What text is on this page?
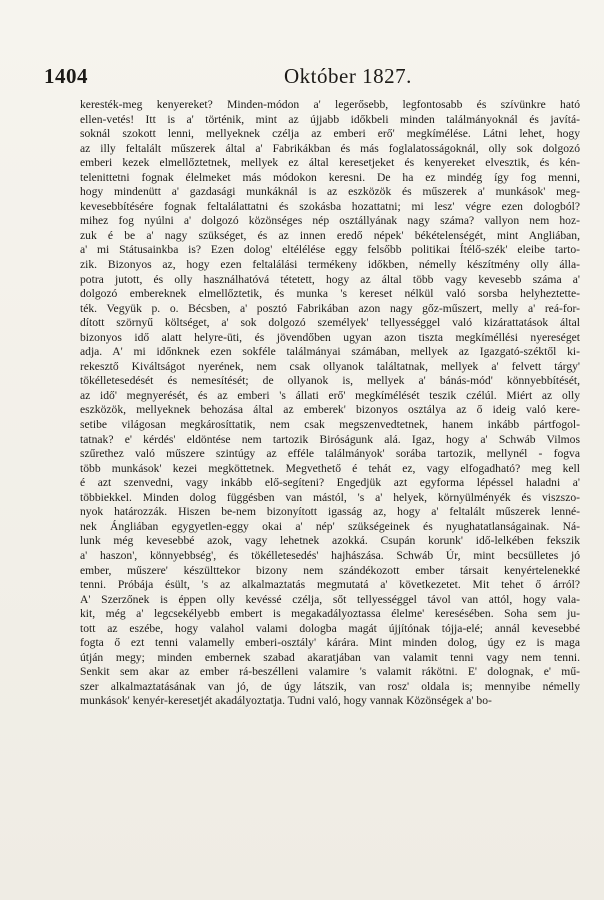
1404	Október 1827.
keresték-meg kenyereket? Minden-módon a' legerősebb, legfontosabb és szívünkre ható
ellen-vetés! Itt is a' történik, mint az újjabb időkbeli minden találmányoknál és javítá-
soknál szokott lenni, mellyeknek czélja az emberi erő' megkímélése. Látni lehet, hogy
az illy feltalált műszerek által a' Fabrikákban és más foglalatosságoknál, olly sok dolgozó
emberi kezek elmellőztetnek, mellyek ez által keresetjeket és kenyereket elvesztik, és kén-
telenittetni fognak élelmeket más módokon keresni. De ha ez mindég így fog menni,
hogy mindenütt a' gazdasági munkáknál is az eszközök és műszerek a' munkások' meg-
kevesebbítésére fognak feltalálattatni és szokásba hozattatni; mi lesz' végre ezen dologból?
mihez fog nyúlni a' dolgozó közönséges nép osztállyának nagy száma? vallyon nem hoz-
zuk é be a' nagy szükséget, és az innen eredő népek' békételenségét, mint Angliában,
a' mi Státusainkba is? Ezen dolog' eltélélése eggy felsőbb politikai Ítélő-szék' eleibe tarto-
zik. Bizonyos az, hogy ezen feltalálási termékeny időkben, némelly készítmény olly álla-
potra jutott, és olly használhatóvá tétetett, hogy az által több vagy kevesebb száma a'
dolgozó embereknek elmellőztetik, és munka 's kereset nélkül való sorsba helyheztette-
ték. Vegyük p. o. Bécsben, a' posztó Fabrikában azon nagy gőz-műszert, melly a' reá-for-
dított szörnyű költséget, a' sok dolgozó személyek' tellyességgel való kizárattatások által
bizonyos idő alatt helyre-üti, és jövendőben ugyan azon tiszta megkíméllési nyereséget
adja. A' mi időnknek ezen sokféle találmányai számában, mellyek az Igazgató-széktől ki-
rekesztő Kiváltságot nyerének, nem csak ollyanok találtatnak, mellyek a' felvett tárgy'
tökélletesedését és nemesítését; de ollyanok is, mellyek a' bánás-mód' könnyebbítését,
az idő' megnyerését, és az emberi 's állati erő' megkímélését teszik czélúl. Miért az olly
eszközök, mellyeknek behozása által az emberek' bizonyos osztálya az ő ideig való kere-
setibe világosan megkárosíttatik, nem csak megszenvedtetnek, hanem inkább pártfogol-
tatnak? e' kérdés' eldöntése nem tartozik Biróságunk alá. Igaz, hogy a' Schwáb Vilmos
szűrethez való műszere szintúgy az efféle találmányok' sorába tartozik, mellynél - fogva
több munkások' kezei megköttetnek. Megvethető é tehát ez, vagy elfogadható? meg kell
é azt szenvedni, vagy inkább elő-segíteni? Engedjük azt egyforma lépéssel haladni a'
többiekkel. Minden dolog függésben van mástól, 's a' helyek, környülményék és viszszo-
nyok határozzák. Hiszen be-nem bizonyított igasság az, hogy a' feltalált műszerek lenné-
nek Ángliában egygyetlen-eggy okai a' nép' szükségeinek és nyughatatlanságainak. Ná-
lunk még kevesebbé azok, vagy lehetnek azokká. Csupán korunk' idő-lelkében fekszik
a' haszon', könnyebbség', és tökélletesedés' hajhászása. Schwáb Úr, mint becsülletes jó
ember, műszere' készülttekor bizony nem szándékozott ember társait kenyértelenekké
tenni. Próbája ésült, 's az alkalmaztatás megmutatá a' következetet. Mit tehet ő árról?
A' Szerzőnek is éppen olly kevéssé czélja, sőt tellyességgel távol van attól, hogy vala-
kit, még a' legcsekélyebb embert is megakadályoztassa élelme' keresésében. Soha sem ju-
tott az eszébe, hogy valahol valami dologba magát újjítónak tójja-elé; annál kevesebbé
fogta ő ezt tenni valamelly emberi-osztály' kárára. Mint minden dolog, úgy ez is maga
útján megy; minden embernek szabad akaratjában van valamit tenni vagy nem tenni.
Senkit sem akar az ember rá-beszélleni valamire 's valamit rákötni. E' dolognak, e' mű-
szer alkalmaztatásának van jó, de úgy látszik, van rosz' oldala is; mennyibe némelly
munkások' kenyér-keresetjét akadályoztatja. Tudni való, hogy vannak Közönségek a' bo-
